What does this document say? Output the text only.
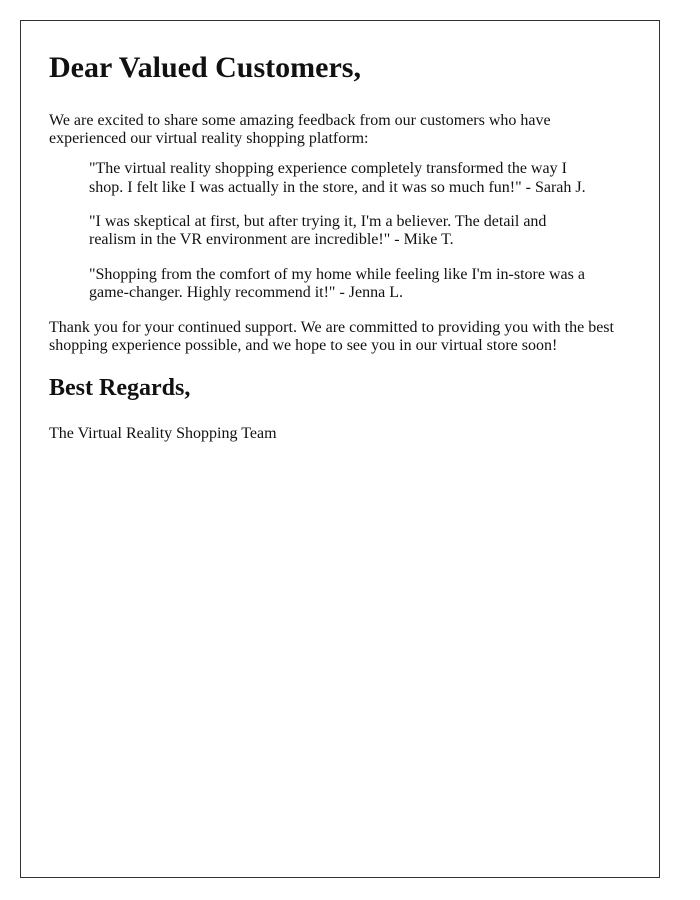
Dear Valued Customers,

We are excited to share some amazing feedback from our customers who have experienced our virtual reality shopping platform:

"The virtual reality shopping experience completely transformed the way I shop. I felt like I was actually in the store, and it was so much fun!" - Sarah J.
"I was skeptical at first, but after trying it, I'm a believer. The detail and realism in the VR environment are incredible!" - Mike T.
"Shopping from the comfort of my home while feeling like I'm in-store was a game-changer. Highly recommend it!" - Jenna L.

Thank you for your continued support. We are committed to providing you with the best shopping experience possible, and we hope to see you in our virtual store soon!

Best Regards,

The Virtual Reality Shopping Team
